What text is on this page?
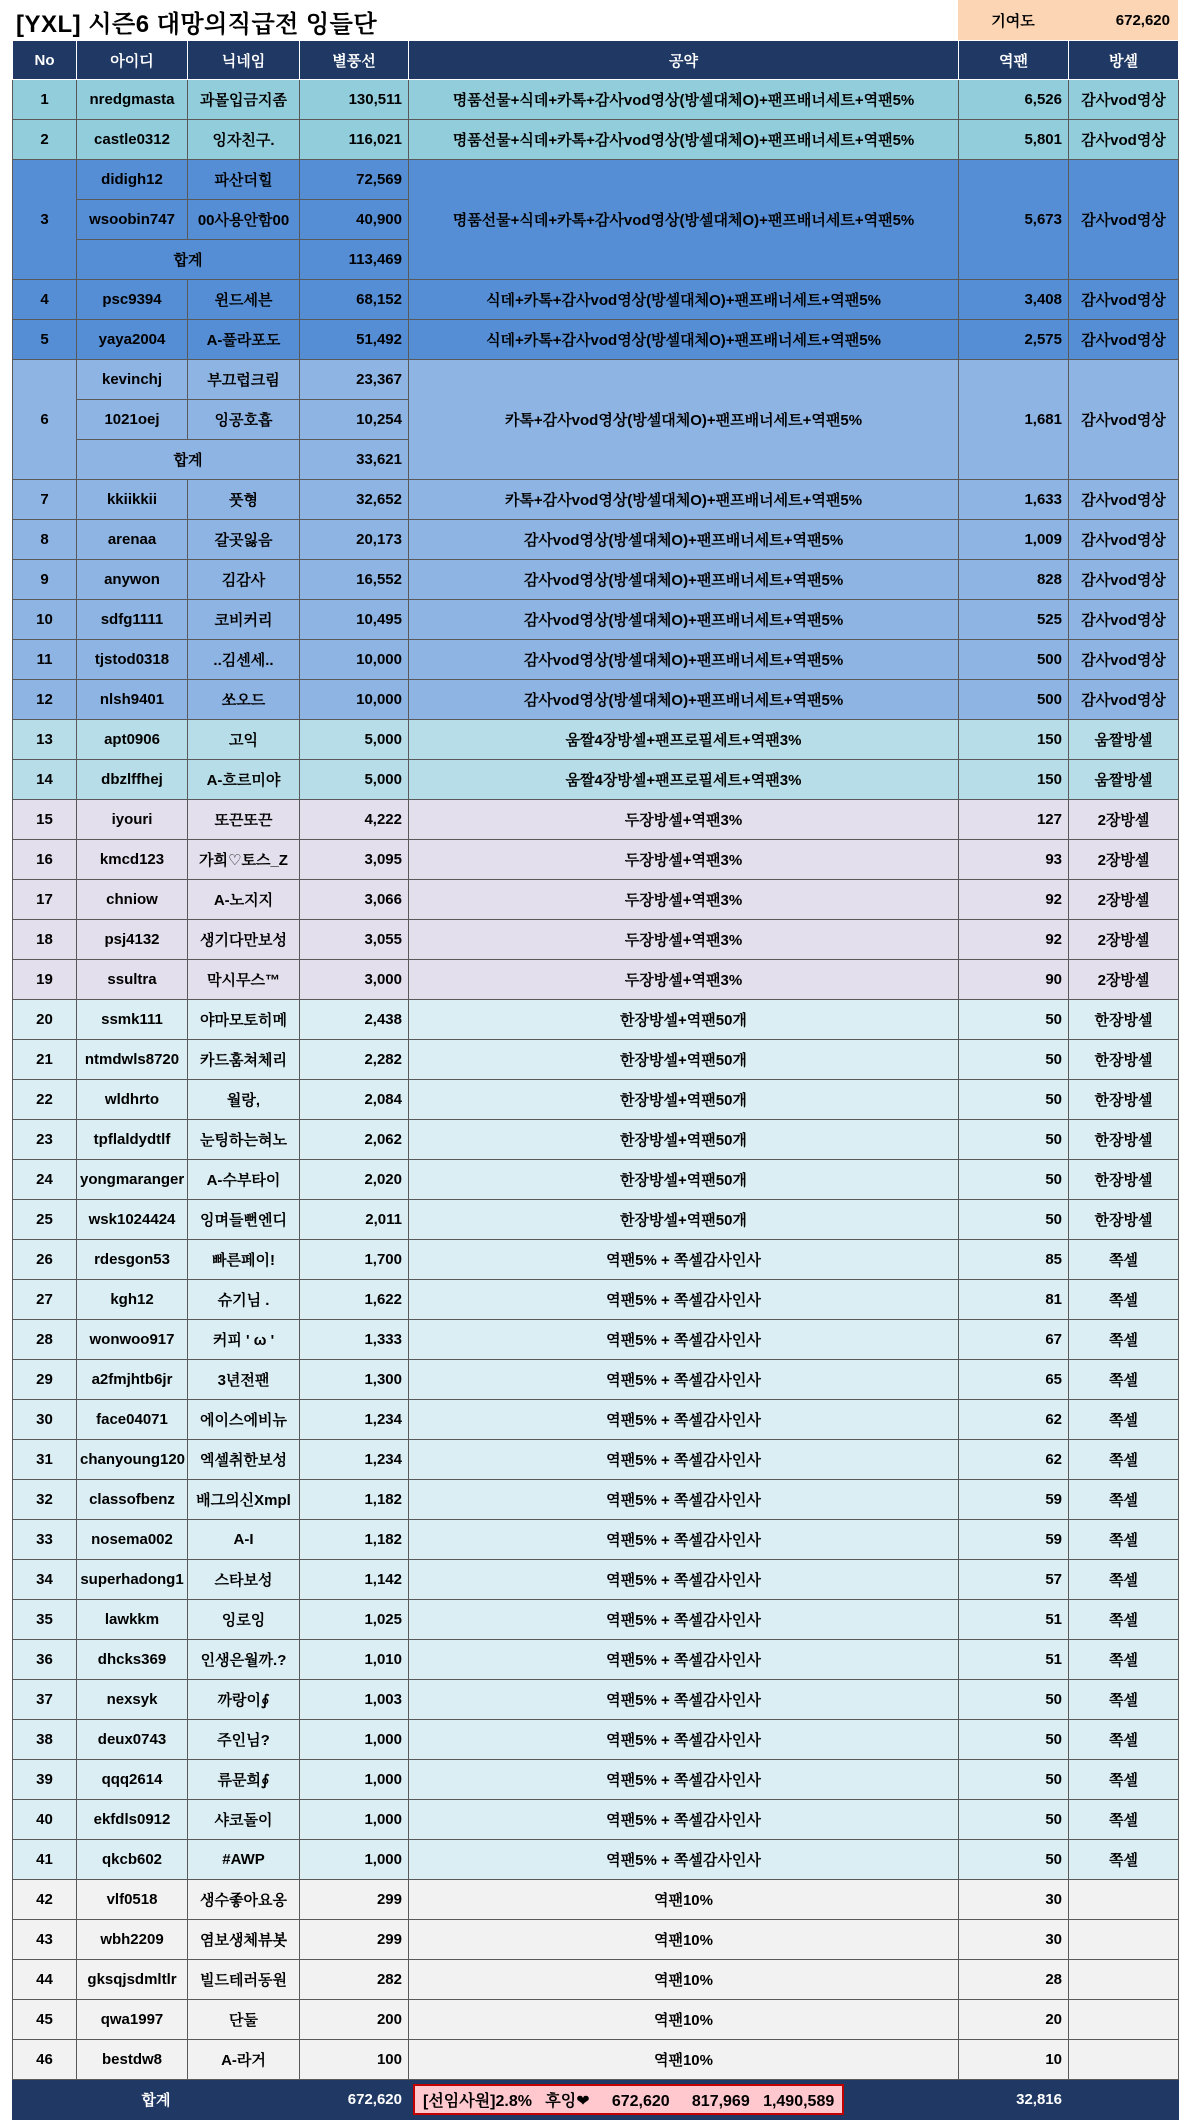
[YXL] 시즌6 대망의직급전 잉들단	기여도	672,620
No	아이디	닉네임	별풍선	공약	역팬	방셀
1	nredgmasta	과몰입금지좀	130,511	명품선물+식데+카톡+감사vod영상(방셀대체O)+팬프배너세트+역팬5%	6,526	감사vod영상
2	castle0312	잉자친구.	116,021	명품선물+식데+카톡+감사vod영상(방셀대체O)+팬프배너세트+역팬5%	5,801	감사vod영상
3	didigh12	파산더힐	72,569	명품선물+식데+카톡+감사vod영상(방셀대체O)+팬프배너세트+역팬5%	5,673	감사vod영상
	wsoobin747	00사용안함00	40,900			
	합계		113,469			
4	psc9394	윈드세븐	68,152	식데+카톡+감사vod영상(방셀대체O)+팬프배너세트+역팬5%	3,408	감사vod영상
5	yaya2004	A-풀라포도	51,492	식데+카톡+감사vod영상(방셀대체O)+팬프배너세트+역팬5%	2,575	감사vod영상
6	kevinchj	부끄럽크림	23,367	카톡+감사vod영상(방셀대체O)+팬프배너세트+역팬5%	1,681	감사vod영상
	1021oej	잉공호흡	10,254			
	합계		33,621			
7	kkiikkii	풋형	32,652	카톡+감사vod영상(방셀대체O)+팬프배너세트+역팬5%	1,633	감사vod영상
8	arenaa	갈곳잃음	20,173	감사vod영상(방셀대체O)+팬프배너세트+역팬5%	1,009	감사vod영상
9	anywon	김감사	16,552	감사vod영상(방셀대체O)+팬프배너세트+역팬5%	828	감사vod영상
10	sdfg1111	코비커리	10,495	감사vod영상(방셀대체O)+팬프배너세트+역팬5%	525	감사vod영상
11	tjstod0318	..김센세..	10,000	감사vod영상(방셀대체O)+팬프배너세트+역팬5%	500	감사vod영상
12	nlsh9401	쏘오드	10,000	감사vod영상(방셀대체O)+팬프배너세트+역팬5%	500	감사vod영상
13	apt0906	고익	5,000	움짤4장방셀+팬프로필세트+역팬3%	150	움짤방셀
14	dbzlffhej	A-흐르미야	5,000	움짤4장방셀+팬프로필세트+역팬3%	150	움짤방셀
15	iyouri	또끈또끈	4,222	두장방셀+역팬3%	127	2장방셀
16	kmcd123	가희♡토스_Z	3,095	두장방셀+역팬3%	93	2장방셀
17	chniow	A-노지지	3,066	두장방셀+역팬3%	92	2장방셀
18	psj4132	생기다만보성	3,055	두장방셀+역팬3%	92	2장방셀
19	ssultra	막시무스™	3,000	두장방셀+역팬3%	90	2장방셀
20	ssmk111	야마모토히메	2,438	한장방셀+역팬50개	50	한장방셀
21	ntmdwls8720	카드훔쳐체리	2,282	한장방셀+역팬50개	50	한장방셀
22	wldhrto	월랑,	2,084	한장방셀+역팬50개	50	한장방셀
23	tpflaldydtlf	눈팅하는혀노	2,062	한장방셀+역팬50개	50	한장방셀
24	yongmaranger	A-수부타이	2,020	한장방셀+역팬50개	50	한장방셀
25	wsk1024424	잉며들뻔엔디	2,011	한장방셀+역팬50개	50	한장방셀
26	rdesgon53	빠른페이!	1,700	역팬5% + 쪽셀감사인사	85	쪽셀
27	kgh12	슈기님 .	1,622	역팬5% + 쪽셀감사인사	81	쪽셀
28	wonwoo917	커피 ' ω '	1,333	역팬5% + 쪽셀감사인사	67	쪽셀
29	a2fmjhtb6jr	3년전팬	1,300	역팬5% + 쪽셀감사인사	65	쪽셀
30	face04071	에이스에비뉴	1,234	역팬5% + 쪽셀감사인사	62	쪽셀
31	chanyoung120	엑셀취한보성	1,234	역팬5% + 쪽셀감사인사	62	쪽셀
32	classofbenz	배그의신Xmpl	1,182	역팬5% + 쪽셀감사인사	59	쪽셀
33	nosema002	A-I	1,182	역팬5% + 쪽셀감사인사	59	쪽셀
34	superhadong1	스타보성	1,142	역팬5% + 쪽셀감사인사	57	쪽셀
35	lawkkm	잉로잉	1,025	역팬5% + 쪽셀감사인사	51	쪽셀
36	dhcks369	인생은월까.?	1,010	역팬5% + 쪽셀감사인사	51	쪽셀
37	nexsyk	까랑이∮	1,003	역팬5% + 쪽셀감사인사	50	쪽셀
38	deux0743	주인님?	1,000	역팬5% + 쪽셀감사인사	50	쪽셀
39	qqq2614	류문희∮	1,000	역팬5% + 쪽셀감사인사	50	쪽셀
40	ekfdls0912	샤코돌이	1,000	역팬5% + 쪽셀감사인사	50	쪽셀
41	qkcb602	#AWP	1,000	역팬5% + 쪽셀감사인사	50	쪽셀
42	vlf0518	생수좋아요옹	299	역팬10%	30	
43	wbh2209	염보생체뷰봇	299	역팬10%	30	
44	gksqjsdmltlr	빌드테러동원	282	역팬10%	28	
45	qwa1997	단둘	200	역팬10%	20	
46	bestdw8	A-라거	100	역팬10%	10	
합계			672,620	[선임사원]2.8%   후잉❤     672,620     817,969   1,490,589	32,816	
